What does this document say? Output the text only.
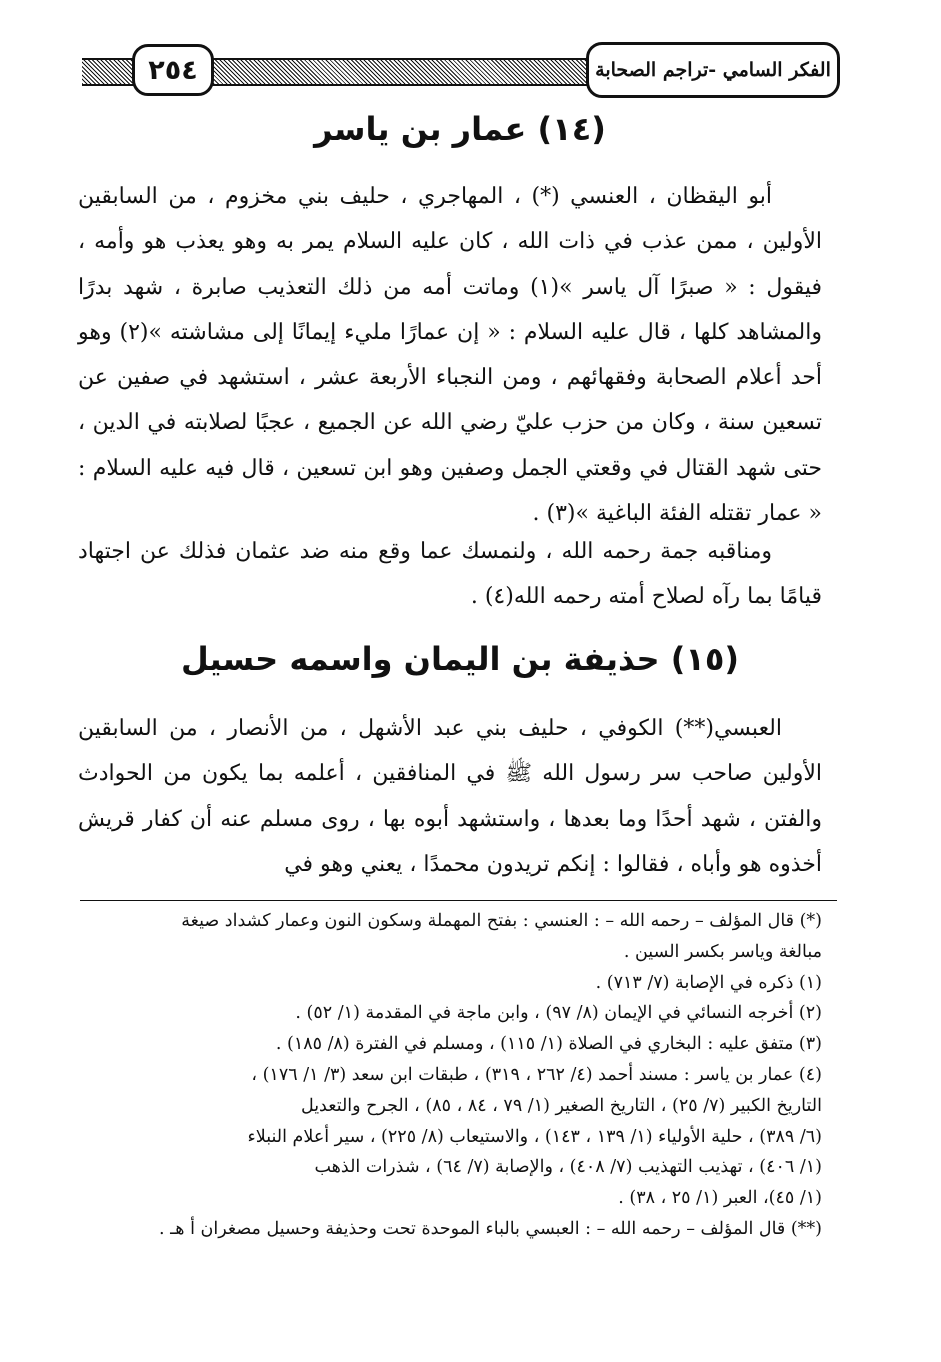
٢٥٤	الفكر السامي -تراجم الصحابة
(١٤) عمار بن ياسر

أبو اليقظان ، العنسي (*) ، المهاجري ، حليف بني مخزوم ، من السابقين الأولين ، ممن عذب في ذات الله ، كان عليه السلام يمر به وهو يعذب هو وأمه ، فيقول : « صبرًا آل ياسر »(١) وماتت أمه من ذلك التعذيب صابرة ، شهد بدرًا والمشاهد كلها ، قال عليه السلام : « إن عمارًا مليء إيمانًا إلى مشاشته »(٢) وهو أحد أعلام الصحابة وفقهائهم ، ومن النجباء الأربعة عشر ، استشهد في صفين عن تسعين سنة ، وكان من حزب عليّ رضي الله عن الجميع ، عجبًا لصلابته في الدين ، حتى شهد القتال في وقعتي الجمل وصفين وهو ابن تسعين ، قال فيه عليه السلام : « عمار تقتله الفئة الباغية »(٣) .

ومناقبه جمة رحمه الله ، ولنمسك عما وقع منه ضد عثمان فذلك عن اجتهاد قيامًا بما رآه لصلاح أمته رحمه الله(٤) .

(١٥) حذيفة بن اليمان واسمه حسيل

العبسي(**) الكوفي ، حليف بني عبد الأشهل ، من الأنصار ، من السابقين الأولين صاحب سر رسول الله ﷺ في المنافقين ، أعلمه بما يكون من الحوادث والفتن ، شهد أحدًا وما بعدها ، واستشهد أبوه بها ، روى مسلم عنه أن كفار قريش أخذوه هو وأباه ، فقالوا : إنكم تريدون محمدًا ، يعني وهو في

(*) قال المؤلف – رحمه الله – : العنسي : بفتح المهملة وسكون النون وعمار كشداد صيغة
مبالغة وياسر بكسر السين .
(١) ذكره في الإصابة (٧/ ٧١٣) .
(٢) أخرجه النسائي في الإيمان (٨/ ٩٧) ، وابن ماجة في المقدمة (١/ ٥٢) .
(٣) متفق عليه : البخاري في الصلاة (١/ ١١٥) ، ومسلم في الفترة (٨/ ١٨٥) .
(٤) عمار بن ياسر : مسند أحمد (٤/ ٢٦٢ ، ٣١٩) ، طبقات ابن سعد (٣/ ١/ ١٧٦) ،
التاريخ الكبير (٧/ ٢٥) ، التاريخ الصغير (١/ ٧٩ ، ٨٤ ، ٨٥) ، الجرح والتعديل
(٦/ ٣٨٩) ، حلية الأولياء (١/ ١٣٩ ، ١٤٣) ، والاستيعاب (٨/ ٢٢٥) ، سير أعلام النبلاء
(١/ ٤٠٦) ، تهذيب التهذيب (٧/ ٤٠٨) ، والإصابة (٧/ ٦٤) ، شذرات الذهب
(١/ ٤٥)، العبر (١/ ٢٥ ، ٣٨) .
(**) قال المؤلف – رحمه الله – : العبسي بالباء الموحدة تحت وحذيفة وحسيل مصغران أ هـ .
